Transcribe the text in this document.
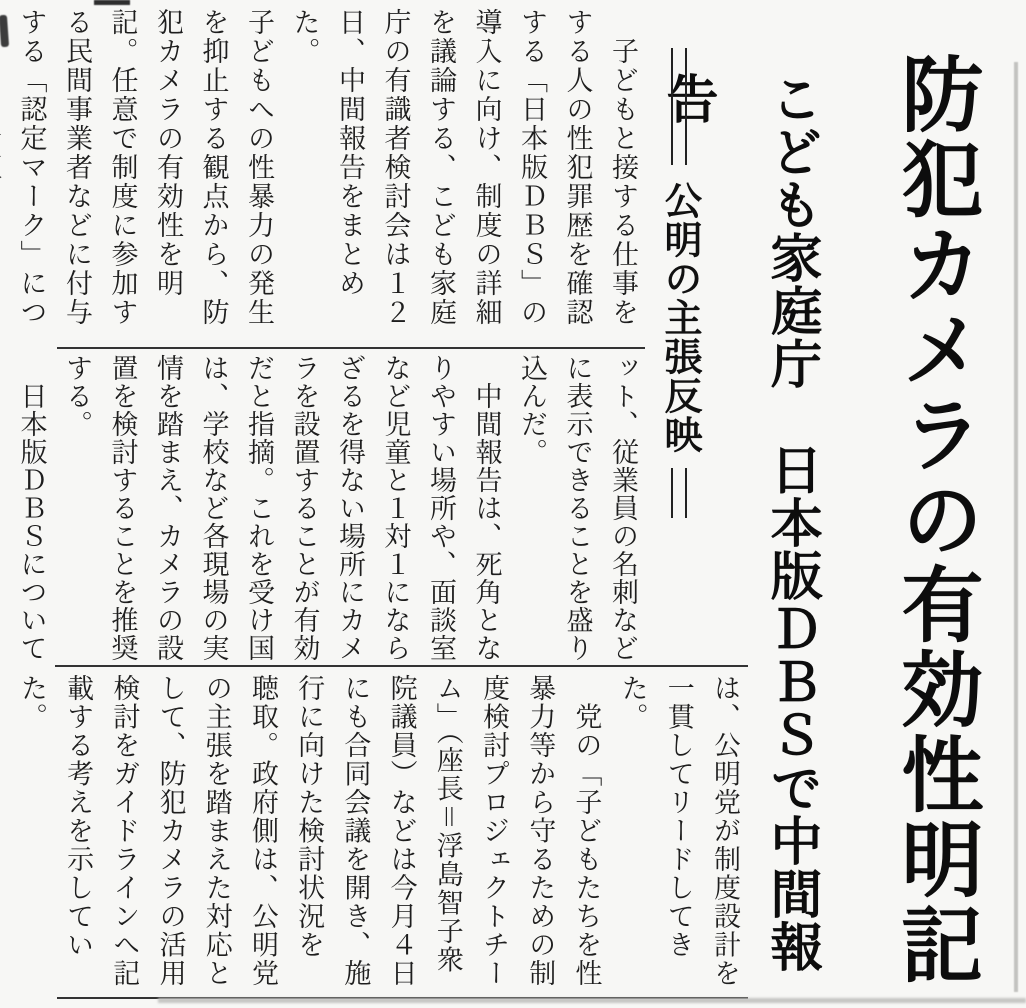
防犯カメラの有効性明記
こども家庭庁　日本版ＤＢＳで中間報告
公明の主張反映
　子どもと接する仕事を
する人の性犯罪歴を確認
する「日本版ＤＢＳ」の
導入に向け、制度の詳細
を議論する、こども家庭
庁の有識者検討会は１２
日、中間報告をまとめた。
子どもへの性暴力の発生
を抑止する観点から、防
犯カメラの有効性を明
記。任意で制度に参加す
る民間事業者などに付与
する「認定マーク」につ
ット、従業員の名刺など
に表示できることを盛り
込んだ。
　中間報告は、死角とな
りやすい場所や、面談室
など児童と１対１になら
ざるを得ない場所にカメ
ラを設置することが有効
だと指摘。これを受け国
は、学校など各現場の実
情を踏まえ、カメラの設
置を検討することを推奨
する。
　日本版ＤＢＳについて
は、公明党が制度設計を
一貫してリードしてき
た。
　党の「子どもたちを性
暴力等から守るための制
度検討プロジェクトチー
ム」（座長＝浮島智子衆
院議員）などは今月４日
にも合同会議を開き、施
行に向けた検討状況を
聴取。政府側は、公明党
の主張を踏まえた対応と
して、防犯カメラの活用
検討をガイドラインへ記
載する考えを示してい
た。
